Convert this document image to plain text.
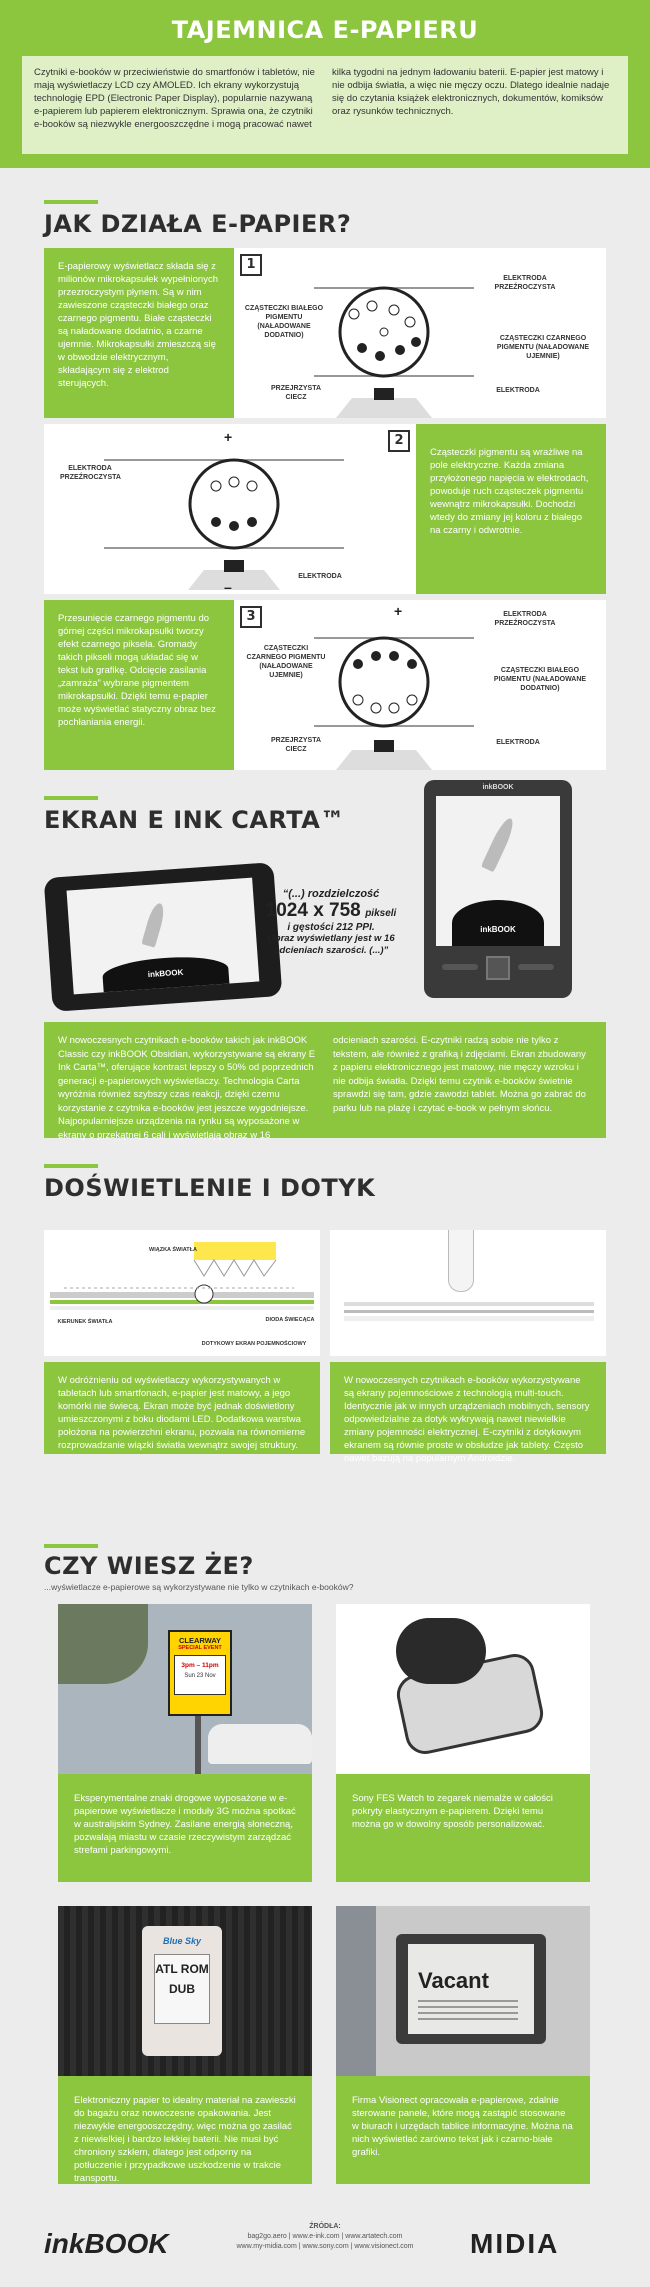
TAJEMNICA E-PAPIERU
Czytniki e-booków w przeciwieństwie do smartfonów i tabletów, nie mają wyświetlaczy LCD czy AMOLED. Ich ekrany wykorzystują technologię EPD (Electronic Paper Display), popularnie nazywaną e-papierem lub papierem elektronicznym. Sprawia ona, że czytniki e-booków są niezwykle energooszczędne i mogą pracować nawet
kilka tygodni na jednym ładowaniu baterii. E-papier jest matowy i nie odbija światła, a więc nie męczy oczu. Dlatego idealnie nadaje się do czytania książek elektronicznych, dokumentów, komiksów oraz rysunków technicznych.
JAK DZIAŁA E-PAPIER?
E-papierowy wyświetlacz składa się z milionów mikrokapsułek wypełnionych przezroczystym płynem. Są w nim zawieszone cząsteczki białego oraz czarnego pigmentu. Białe cząsteczki są naładowane dodatnio, a czarne ujemnie. Mikrokapsułki zmieszczą się w obwodzie elektrycznym, składającym się z elektrod sterujących.
1
CZĄSTECZKI BIAŁEGO PIGMENTU (NAŁADOWANE DODATNIO)
ELEKTRODA PRZEŹROCZYSTA
CZĄSTECZKI CZARNEGO PIGMENTU (NAŁADOWANE UJEMNIE)
PRZEJRZYSTA CIECZ
ELEKTRODA
+
–
ELEKTRODA PRZEŹROCZYSTA
ELEKTRODA
2
Cząsteczki pigmentu są wrażliwe na pole elektryczne. Każda zmiana przyłożonego napięcia w elektrodach, powoduje ruch cząsteczek pigmentu wewnątrz mikrokapsułki. Dochodzi wtedy do zmiany jej koloru z białego na czarny i odwrotnie.
Przesunięcie czarnego pigmentu do górnej części mikrokapsułki tworzy efekt czarnego piksela. Gromady takich pikseli mogą układać się w tekst lub grafikę. Odcięcie zasilania „zamraża” wybrane pigmentem mikrokapsułki. Dzięki temu e-papier może wyświetlać statyczny obraz bez pochłaniania energii.
3	+
CZĄSTECZKI CZARNEGO PIGMENTU (NAŁADOWANE UJEMNIE)
ELEKTRODA PRZEŹROCZYSTA
CZĄSTECZKI BIAŁEGO PIGMENTU (NAŁADOWANE DODATNIO)
PRZEJRZYSTA CIECZ
ELEKTRODA
EKRAN E INK CARTA™
inkBOOK
“(...) rozdzielczość
1024 x 758 pikseli
i gęstości 212 PPI.
Obraz wyświetlany jest w 16 odcieniach szarości. (...)”
inkBOOK
inkBOOK
W nowoczesnych czytnikach e-booków takich jak inkBOOK Classic czy inkBOOK Obsidian, wykorzystywane są ekrany E Ink Carta™, oferujące kontrast lepszy o 50% od poprzednich generacji e-papierowych wyświetlaczy. Technologia Carta wyróżnia również szybszy czas reakcji, dzięki czemu korzystanie z czytnika e-booków jest jeszcze wygodniejsze. Najpopularniejsze urządzenia na rynku są wyposażone w ekrany o przekątnej 6 cali i wyświetlają obraz w 16
odcieniach szarości. E-czytniki radzą sobie nie tylko z tekstem, ale również z grafiką i zdjęciami. Ekran zbudowany z papieru elektronicznego jest matowy, nie męczy wzroku i nie odbija światła. Dzięki temu czytnik e-booków świetnie sprawdzi się tam, gdzie zawodzi tablet. Można go zabrać do parku lub na plażę i czytać e-book w pełnym słońcu.
DOŚWIETLENIE I DOTYK
WIĄZKA ŚWIATŁA
KIERUNEK ŚWIATŁA	DIODA ŚWIECĄCA
DOTYKOWY EKRAN POJEMNOŚCIOWY
W odróżnieniu od wyświetlaczy wykorzystywanych w tabletach lub smartfonach, e-papier jest matowy, a jego komórki nie świecą. Ekran może być jednak doświetlony umieszczonymi z boku diodami LED. Dodatkowa warstwa położona na powierzchni ekranu, pozwala na równomierne rozprowadzanie wiązki światła wewnątrz swojej struktury.
W nowoczesnych czytnikach e-booków wykorzystywane są ekrany pojemnościowe z technologią multi-touch. Identycznie jak w innych urządzeniach mobilnych, sensory odpowiedzialne za dotyk wykrywają nawet niewielkie zmiany pojemności elektrycznej. E-czytniki z dotykowym ekranem są równie proste w obsłudze jak tablety. Często nawet bazują na popularnym Androidzie.
CZY WIESZ ŻE?
...wyświetlacze e-papierowe są wykorzystywane nie tylko w czytnikach e-booków?
CLEARWAY
SPECIAL EVENT
3pm – 11pm
Sun 23 Nov
Eksperymentalne znaki drogowe wyposażone w e-papierowe wyświetlacze i moduły 3G można spotkać w australijskim Sydney. Zasilane energią słoneczną, pozwalają miastu w czasie rzeczywistym zarządzać strefami parkingowymi.
Sony FES Watch to zegarek niemalże w całości pokryty elastycznym e-papierem. Dzięki temu można go w dowolny sposób personalizować.
Blue Sky
ATL ROM DUB
Elektroniczny papier to idealny materiał na zawieszki do bagażu oraz nowoczesne opakowania. Jest niezwykle energooszczędny, więc można go zasilać z niewielkiej i bardzo lekkiej baterii. Nie musi być chroniony szkłem, dlatego jest odporny na potłuczenie i przypadkowe uszkodzenie w trakcie transportu.
Vacant
Firma Visionect opracowała e-papierowe, zdalnie sterowane panele, które mogą zastąpić stosowane w biurach i urzędach tablice informacyjne. Można na nich wyświetlać zarówno tekst jak i czarno-białe grafiki.
inkBOOK
ŹRÓDŁA:
bag2go.aero | www.e-ink.com | www.artatech.com
www.my-midia.com | www.sony.com | www.visionect.com	MIDIA
